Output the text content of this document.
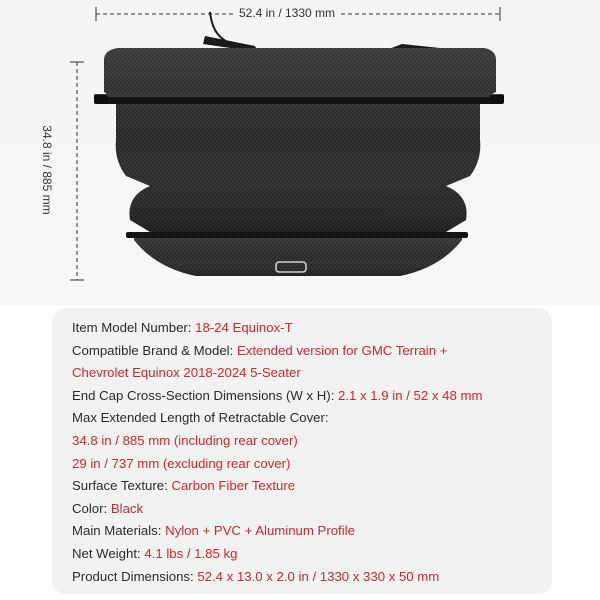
52.4 in / 1330 mm
34.8 in / 885 mm
Item Model Number: 18-24 Equinox-T
Compatible Brand & Model: Extended version for GMC Terrain +
Chevrolet Equinox 2018-2024 5-Seater
End Cap Cross-Section Dimensions (W x H): 2.1 x 1.9 in / 52 x 48 mm
Max Extended Length of Retractable Cover:
34.8 in / 885 mm (including rear cover)
29 in / 737 mm (excluding rear cover)
Surface Texture: Carbon Fiber Texture
Color: Black
Main Materials: Nylon + PVC + Aluminum Profile
Net Weight: 4.1 lbs / 1.85 kg
Product Dimensions: 52.4 x 13.0 x 2.0 in / 1330 x 330 x 50 mm
